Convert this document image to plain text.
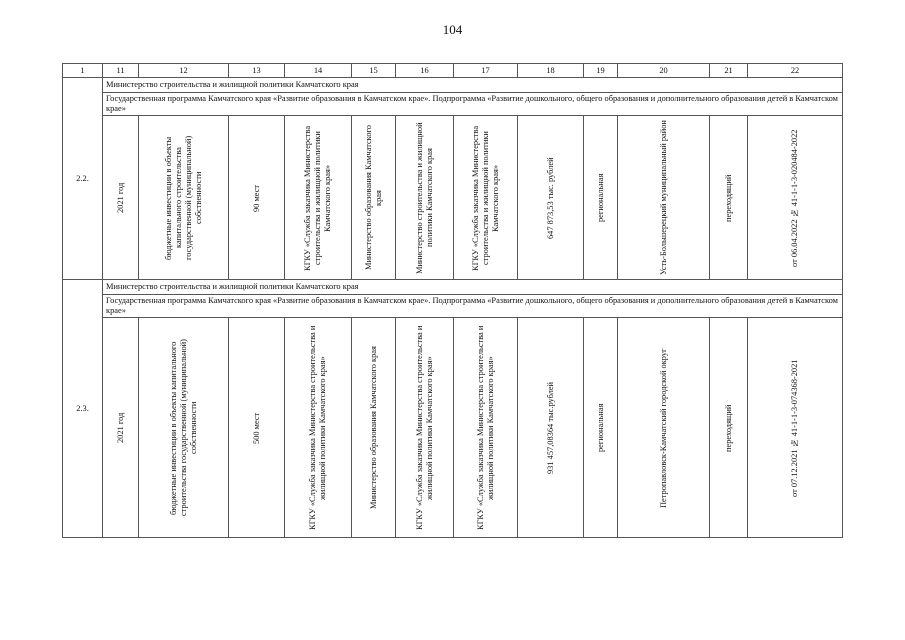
104
1	11	12	13	14	15	16	17	18	19	20	21	22
2.2.	Министерство строительства и жилищной политики Камчатского края											
	Государственная программа Камчатского края «Развитие образования в Камчатском крае». Подпрограмма «Развитие дошкольного, общего образования и дополнительного образования детей в Камчатском крае»											

	2021 год	бюджетные инвестиции в объекты капитального строительства государственной (муниципальной) собственности	90 мест	КГКУ «Служба заказчика Министерства строительства и жилищной политики Камчатского края»	Министерство образования Камчатского края	Министерство строительства и жилищной политики Камчатского края	КГКУ «Служба заказчика Министерства строительства и жилищной политики Камчатского края»	647 873,53 тыс. рублей	региональная	Усть-Большерецкий муниципальный район	переходящий	от 06.04.2022 № 41-1-1-3-020484-2022

2.3.	Министерство строительства и жилищной политики Камчатского края											
	Государственная программа Камчатского края «Развитие образования в Камчатском крае». Подпрограмма «Развитие дошкольного, общего образования и дополнительного образования детей в Камчатском крае»											

	2021 год	бюджетные инвестиции в объекты капитального строительства государственной (муниципальной) собственности	500 мест	КГКУ «Служба заказчика Министерства строительства и жилищной политики Камчатского края»	Министерство образования Камчатского края	КГКУ «Служба заказчика Министерства строительства и жилищной политики Камчатского края»	КГКУ «Служба заказчика Министерства строительства и жилищной политики Камчатского края»	931 457,08364 тыс.рублей	региональная	Петропавловск-Камчатский городской округ	переходящий	от 07.12.2021 № 41-1-1-3-074368-2021
